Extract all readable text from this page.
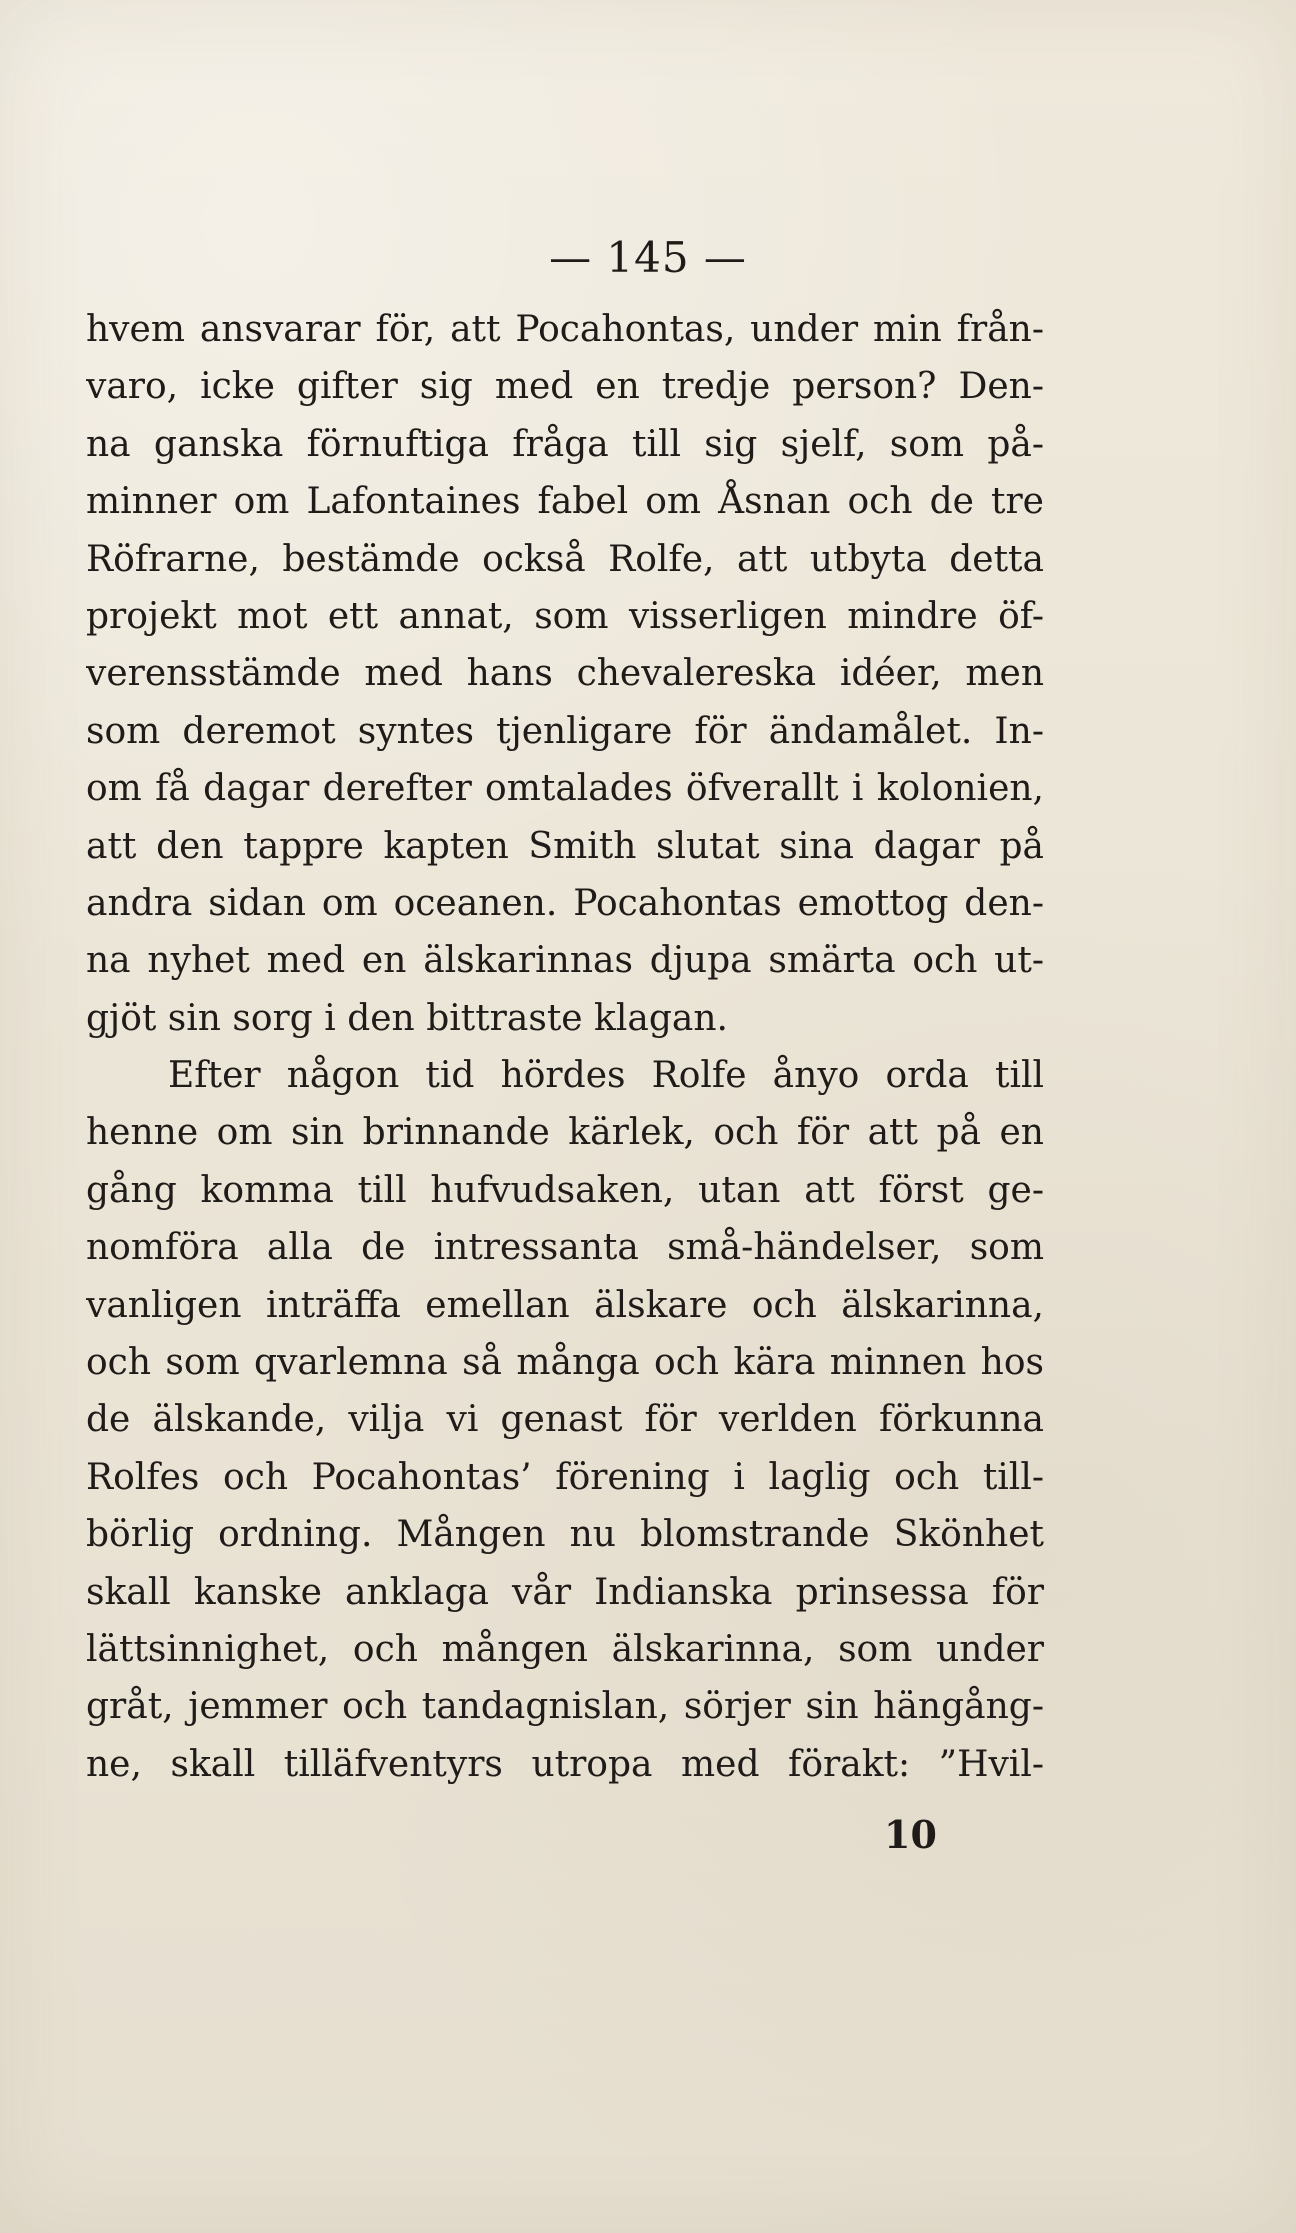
— 145 —
hvem ansvarar för, att Pocahontas, under min från-
varo, icke gifter sig med en tredje person? Den-
na ganska förnuftiga fråga till sig sjelf, som på-
minner om Lafontaines fabel om Åsnan och de tre
Röfrarne, bestämde också Rolfe, att utbyta detta
projekt mot ett annat, som visserligen mindre öf-
verensstämde med hans chevalereska idéer, men
som deremot syntes tjenligare för ändamålet. In-
om få dagar derefter omtalades öfverallt i kolonien,
att den tappre kapten Smith slutat sina dagar på
andra sidan om oceanen. Pocahontas emottog den-
na nyhet med en älskarinnas djupa smärta och ut-
gjöt sin sorg i den bittraste klagan.
Efter någon tid hördes Rolfe ånyo orda till
henne om sin brinnande kärlek, och för att på en
gång komma till hufvudsaken, utan att först ge-
nomföra alla de intressanta små-händelser, som
vanligen inträffa emellan älskare och älskarinna,
och som qvarlemna så många och kära minnen hos
de älskande, vilja vi genast för verlden förkunna
Rolfes och Pocahontas’ förening i laglig och till-
börlig ordning. Mången nu blomstrande Skönhet
skall kanske anklaga vår Indianska prinsessa för
lättsinnighet, och mången älskarinna, som under
gråt, jemmer och tandagnislan, sörjer sin hängång-
ne, skall tilläfventyrs utropa med förakt: ”Hvil-
10
